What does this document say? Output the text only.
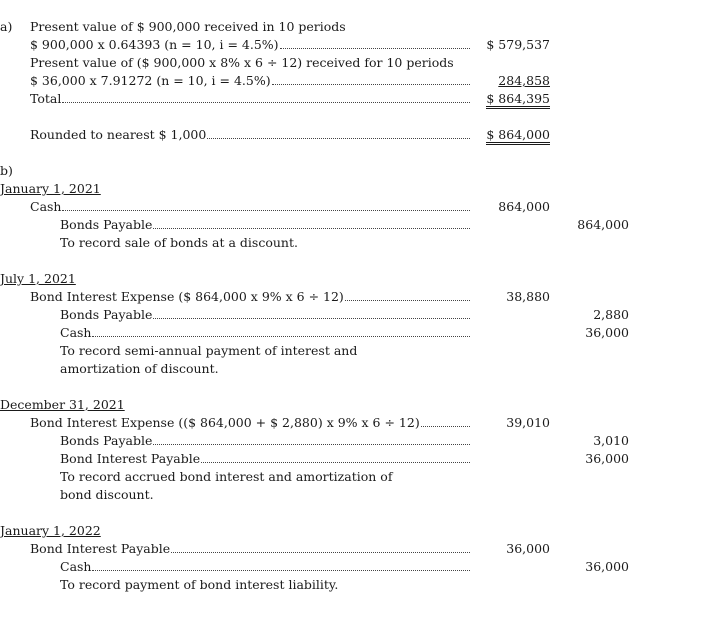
a) Present value of $ 900,000 received in 10 periods
$ 900,000 x 0.64393 (n = 10, i = 4.5%)	$ 579,537
Present value of ($ 900,000 x 8% x 6 ÷ 12) received for 10 periods
$ 36,000 x 7.91272 (n = 10, i = 4.5%)	284,858
Total	$ 864,395
Rounded to nearest $ 1,000	$ 864,000
b)
January 1, 2021
Cash	864,000
Bonds Payable	864,000
To record sale of bonds at a discount.
July 1, 2021
Bond Interest Expense ($ 864,000 x 9% x 6 ÷ 12)	38,880
Bonds Payable	2,880
Cash	36,000
To record semi-annual payment of interest and
amortization of discount.
December 31, 2021
Bond Interest Expense (($ 864,000 + $ 2,880) x 9% x 6 ÷ 12)	39,010
Bonds Payable	3,010
Bond Interest Payable	36,000
To record accrued bond interest and amortization of
bond discount.
January 1, 2022
Bond Interest Payable	36,000
Cash	36,000
To record payment of bond interest liability.
